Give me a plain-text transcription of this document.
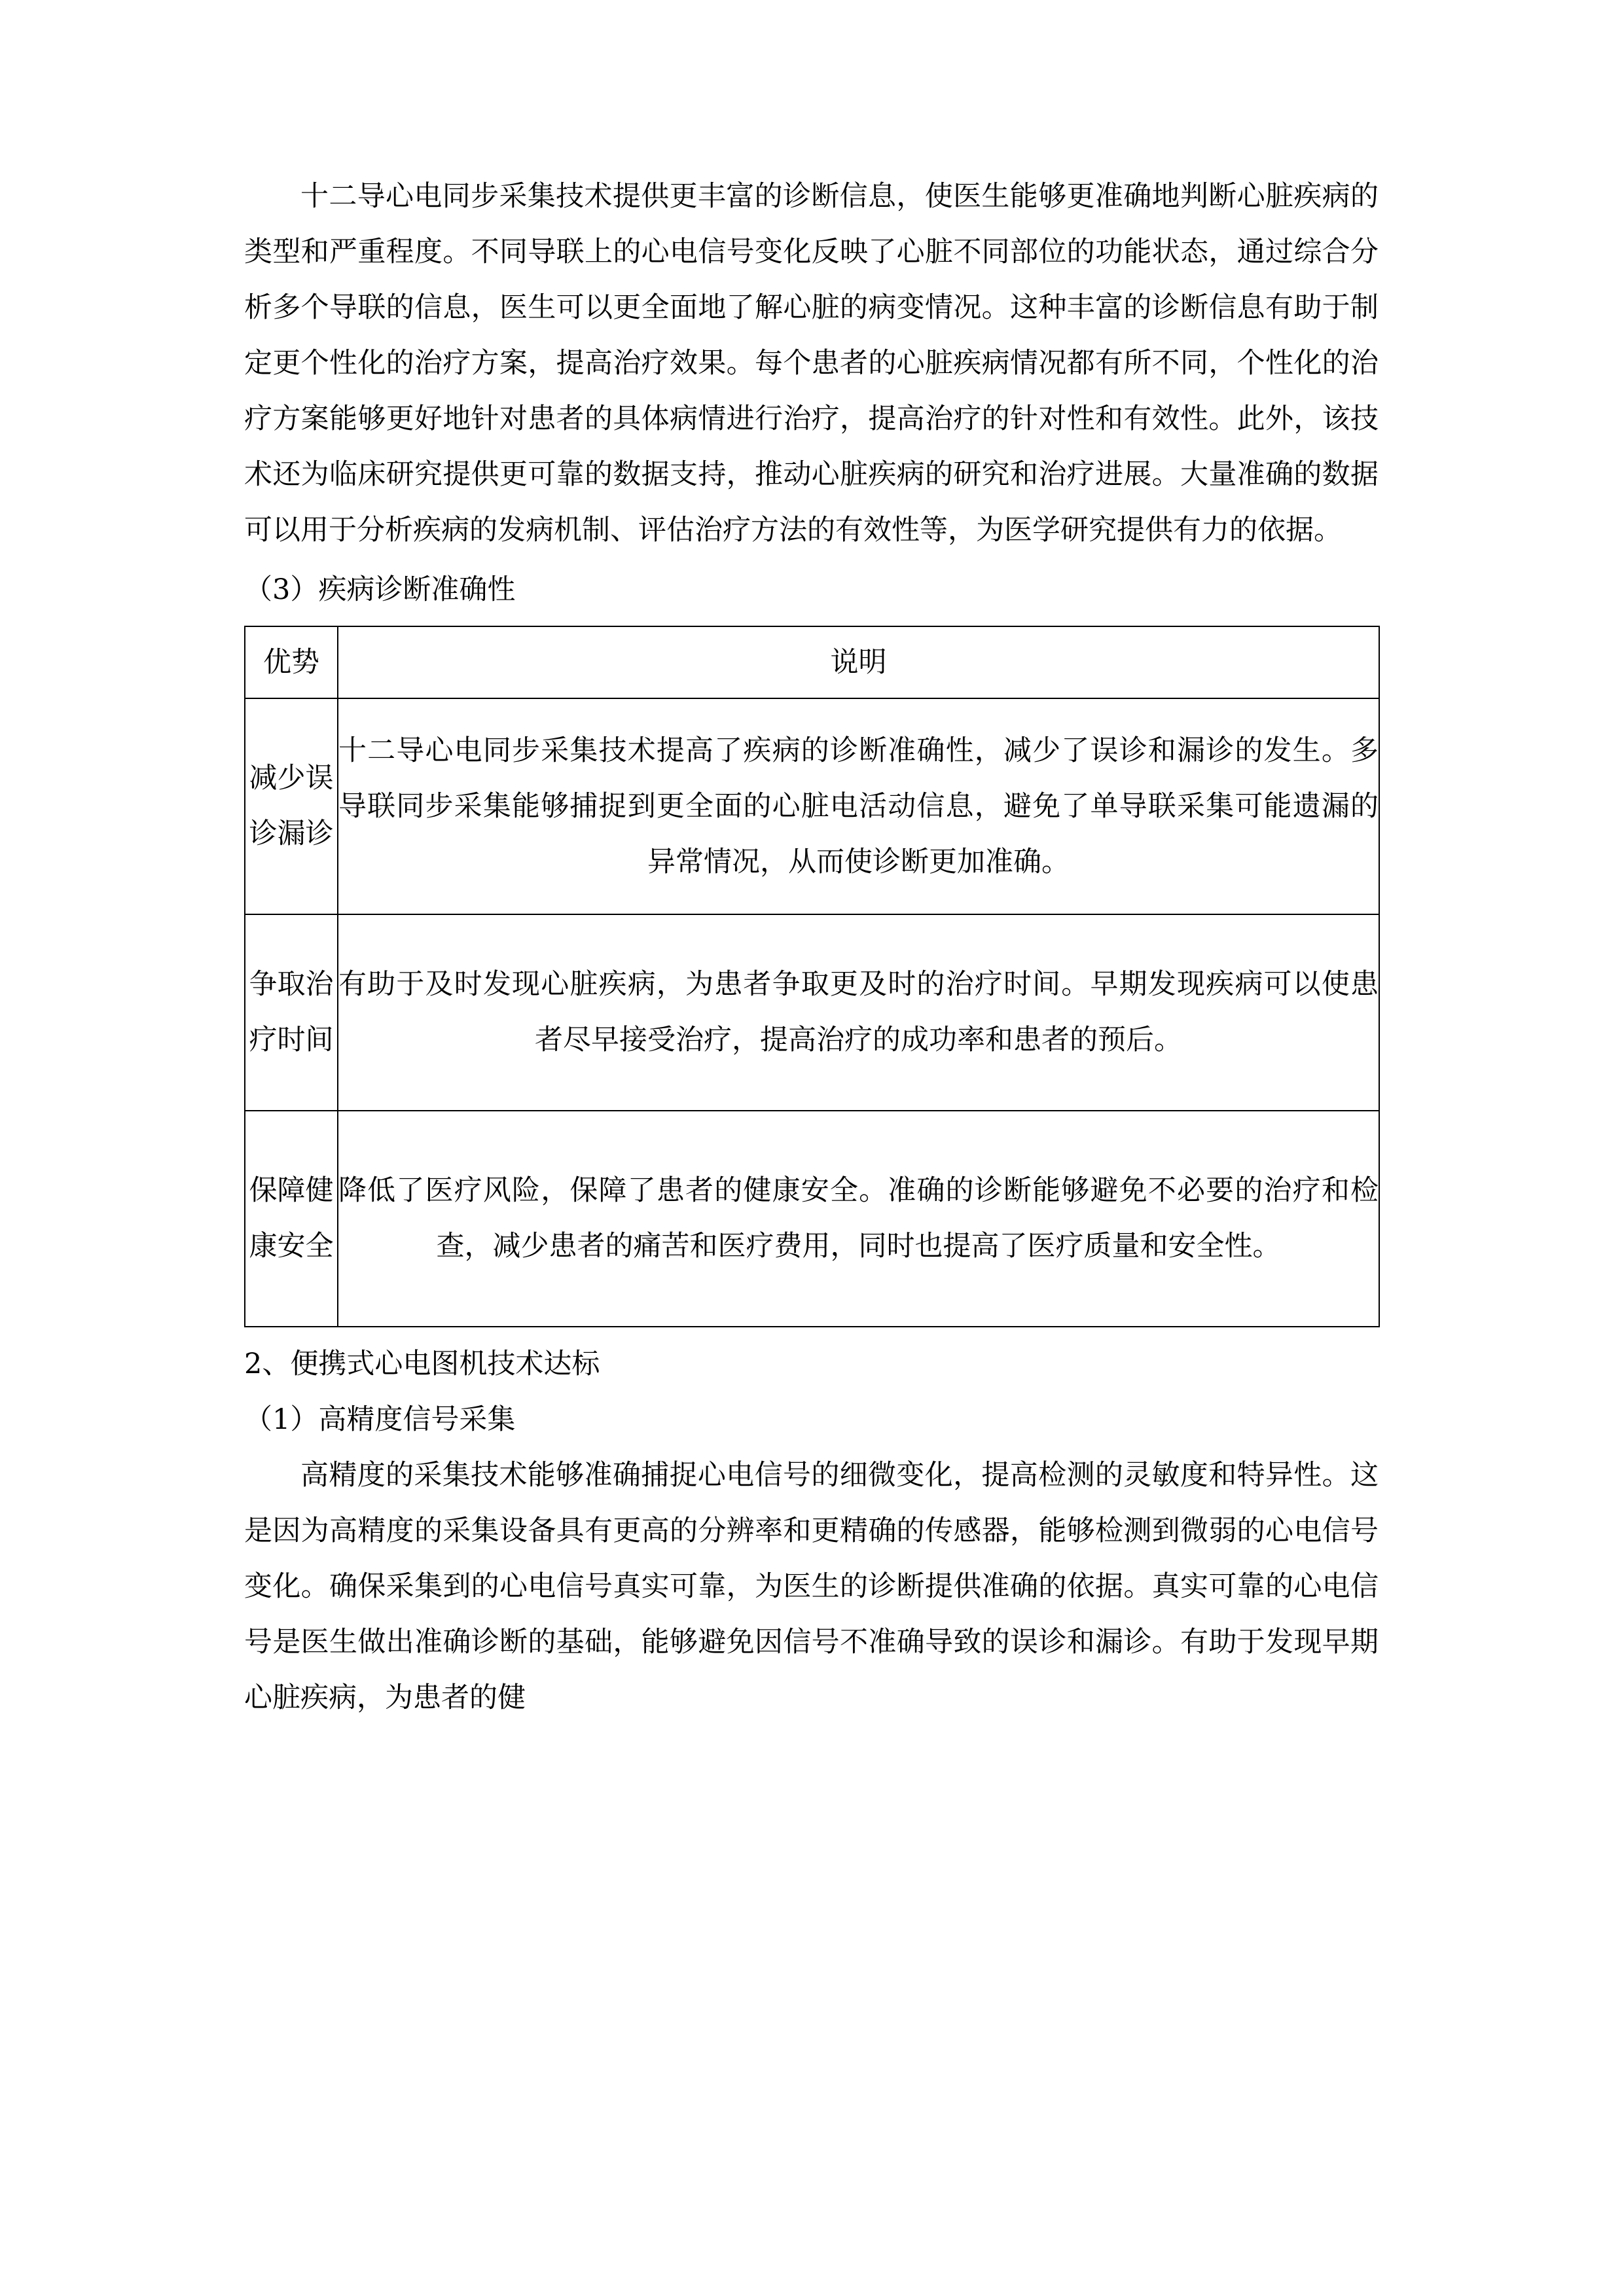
十二导心电同步采集技术提供更丰富的诊断信息，使医生能够更准确地判断心脏疾病的类型和严重程度。不同导联上的心电信号变化反映了心脏不同部位的功能状态，通过综合分析多个导联的信息，医生可以更全面地了解心脏的病变情况。这种丰富的诊断信息有助于制定更个性化的治疗方案，提高治疗效果。每个患者的心脏疾病情况都有所不同，个性化的治疗方案能够更好地针对患者的具体病情进行治疗，提高治疗的针对性和有效性。此外，该技术还为临床研究提供更可靠的数据支持，推动心脏疾病的研究和治疗进展。大量准确的数据可以用于分析疾病的发病机制、评估治疗方法的有效性等，为医学研究提供有力的依据。

（3）疾病诊断准确性

优势	说明
减少误诊漏诊	十二导心电同步采集技术提高了疾病的诊断准确性，减少了误诊和漏诊的发生。多导联同步采集能够捕捉到更全面的心脏电活动信息，避免了单导联采集可能遗漏的异常情况，从而使诊断更加准确。
争取治疗时间	有助于及时发现心脏疾病，为患者争取更及时的治疗时间。早期发现疾病可以使患者尽早接受治疗，提高治疗的成功率和患者的预后。
保障健康安全	降低了医疗风险，保障了患者的健康安全。准确的诊断能够避免不必要的治疗和检查，减少患者的痛苦和医疗费用，同时也提高了医疗质量和安全性。

2、便携式心电图机技术达标

（1）高精度信号采集

高精度的采集技术能够准确捕捉心电信号的细微变化，提高检测的灵敏度和特异性。这是因为高精度的采集设备具有更高的分辨率和更精确的传感器，能够检测到微弱的心电信号变化。确保采集到的心电信号真实可靠，为医生的诊断提供准确的依据。真实可靠的心电信号是医生做出准确诊断的基础，能够避免因信号不准确导致的误诊和漏诊。有助于发现早期心脏疾病，为患者的健
